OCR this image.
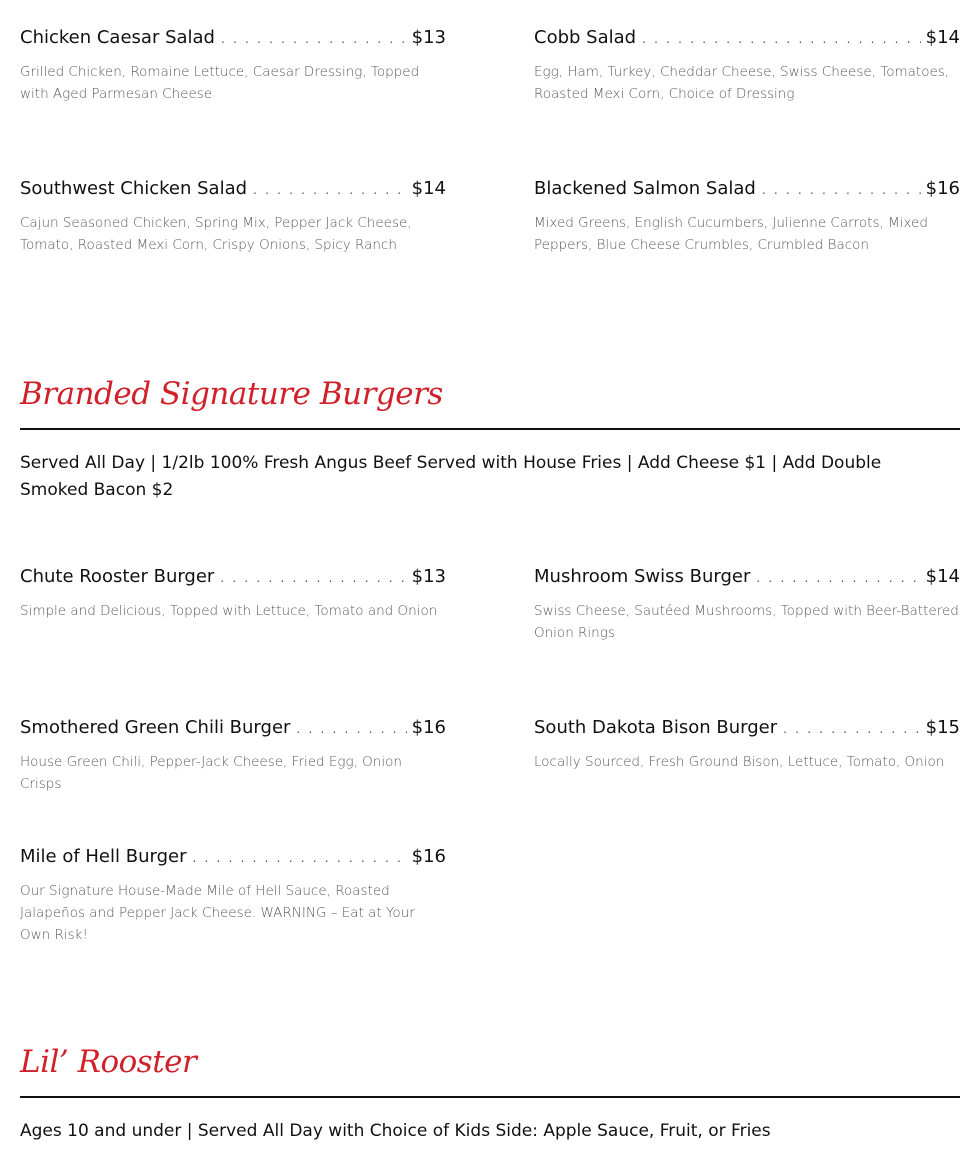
Chicken Caesar Salad . . .	$13
Grilled Chicken, Romaine Lettuce, Caesar Dressing, Topped with Aged Parmesan Cheese
Cobb Salad . . .	$14
Egg, Ham, Turkey, Cheddar Cheese, Swiss Cheese, Tomatoes, Roasted Mexi Corn, Choice of Dressing
Southwest Chicken Salad . . .	$14
Cajun Seasoned Chicken, Spring Mix, Pepper Jack Cheese, Tomato, Roasted Mexi Corn, Crispy Onions, Spicy Ranch
Blackened Salmon Salad . . .	$16
Mixed Greens, English Cucumbers, Julienne Carrots, Mixed Peppers, Blue Cheese Crumbles, Crumbled Bacon
Branded Signature Burgers
Served All Day | 1/2lb 100% Fresh Angus Beef Served with House Fries | Add Cheese $1 | Add Double Smoked Bacon $2
Chute Rooster Burger . . .	$13
Simple and Delicious, Topped with Lettuce, Tomato and Onion
Mushroom Swiss Burger . . .	$14
Swiss Cheese, Sautéed Mushrooms, Topped with Beer-Battered Onion Rings
Smothered Green Chili Burger . . .	$16
House Green Chili, Pepper-Jack Cheese, Fried Egg, Onion Crisps
South Dakota Bison Burger . . .	$15
Locally Sourced, Fresh Ground Bison, Lettuce, Tomato, Onion
Mile of Hell Burger . . .	$16
Our Signature House-Made Mile of Hell Sauce, Roasted Jalapeños and Pepper Jack Cheese. WARNING – Eat at Your Own Risk!
Lil’ Rooster
Ages 10 and under | Served All Day with Choice of Kids Side: Apple Sauce, Fruit, or Fries
